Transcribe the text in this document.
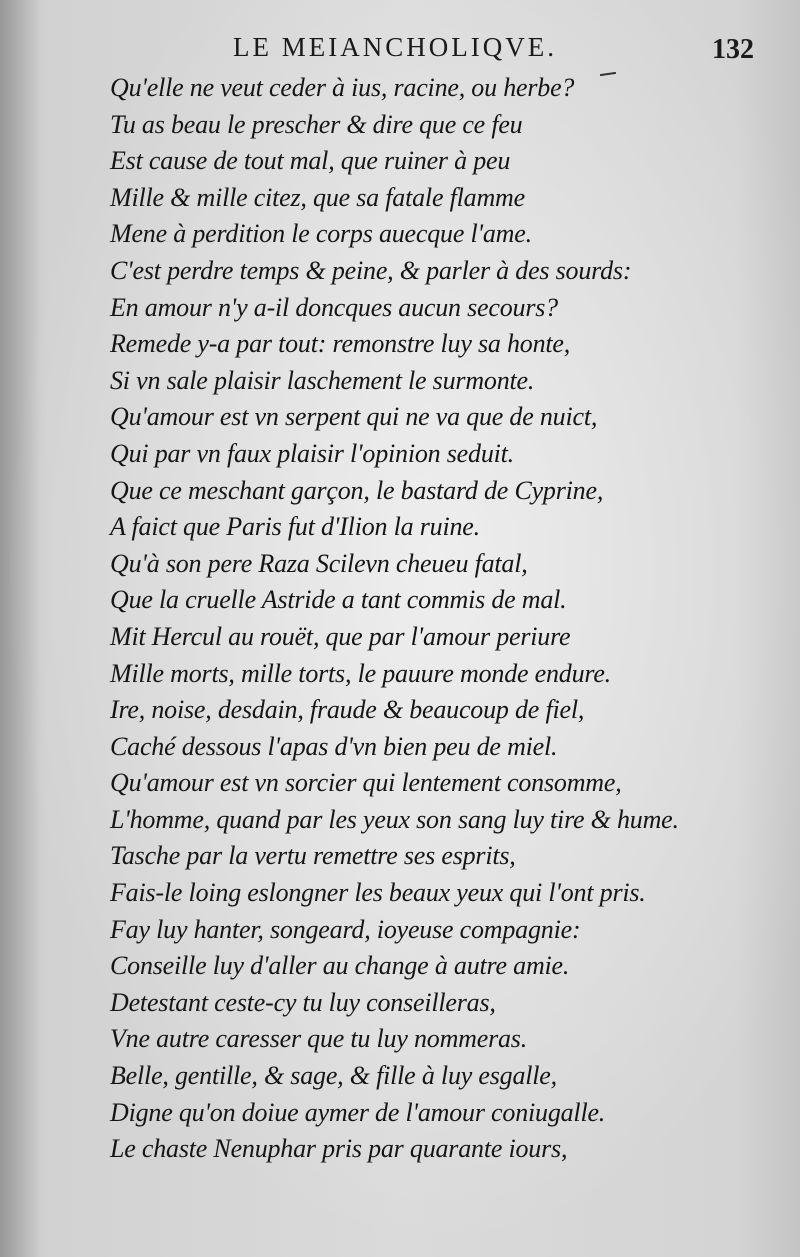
LE MEIANCHOLIQVE.	132
Qu'elle ne veut ceder à ius, racine, ou herbe?
Tu as beau le prescher & dire que ce feu
Est cause de tout mal, que ruiner à peu
Mille & mille citez, que sa fatale flamme
Mene à perdition le corps auecque l'ame.
C'est perdre temps & peine, & parler à des sourds:
En amour n'y a-il doncques aucun secours?
Remede y-a par tout: remonstre luy sa honte,
Si vn sale plaisir laschement le surmonte.
Qu'amour est vn serpent qui ne va que de nuict,
Qui par vn faux plaisir l'opinion seduit.
Que ce meschant garçon, le bastard de Cyprine,
A faict que Paris fut d'Ilion la ruine.
Qu'à son pere Raza Scilevn cheueu fatal,
Que la cruelle Astride a tant commis de mal.
Mit Hercul au rouët, que par l'amour periure
Mille morts, mille torts, le pauure monde endure.
Ire, noise, desdain, fraude & beaucoup de fiel,
Caché dessous l'apas d'vn bien peu de miel.
Qu'amour est vn sorcier qui lentement consomme,
L'homme, quand par les yeux son sang luy tire & hume.
Tasche par la vertu remettre ses esprits,
Fais-le loing eslongner les beaux yeux qui l'ont pris.
Fay luy hanter, songeard, ioyeuse compagnie:
Conseille luy d'aller au change à autre amie.
Detestant ceste-cy tu luy conseilleras,
Vne autre caresser que tu luy nommeras.
Belle, gentille, & sage, & fille à luy esgalle,
Digne qu'on doiue aymer de l'amour coniugalle.
Le chaste Nenuphar pris par quarante iours,
